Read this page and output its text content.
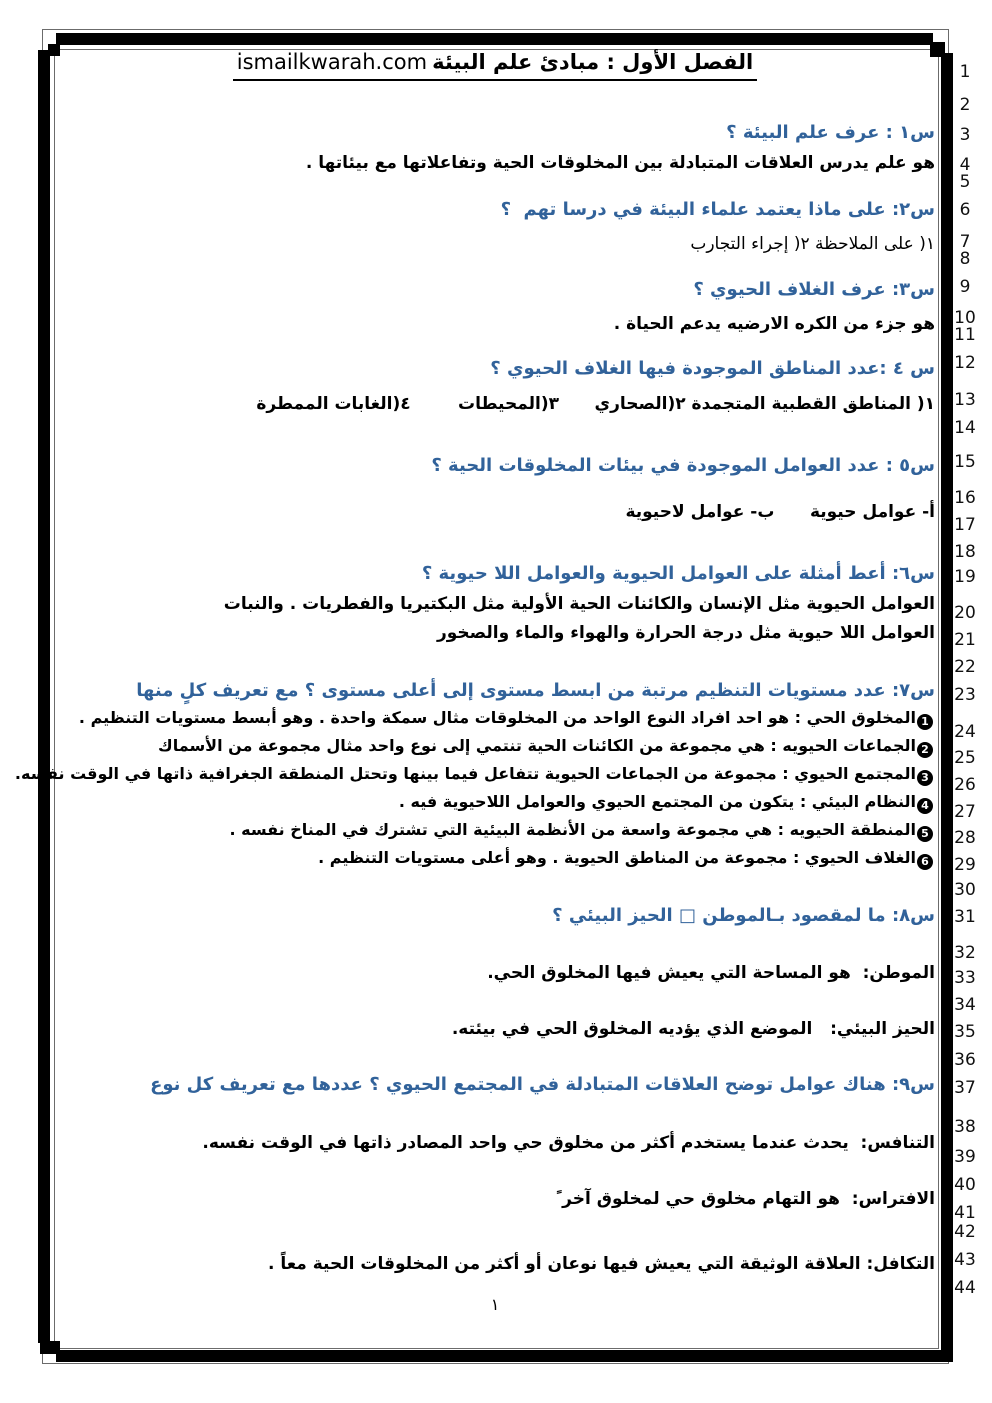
1
2
3
4
5
6
7
8
9
10
11
12
13
14
15
16
17
18
19
20
21
22
23
24
25
26
27
28
29
30
31
32
33
34
35
36
37
38
39
40
41
42
43
44
الفصل الأول : مبادئ علم البيئة ismailkwarah.com
س١ : عرف علم البيئة ؟
هو علم يدرس العلاقات المتبادلة بين المخلوقات الحية وتفاعلاتها مع بيئاتها .
س٢: على ماذا يعتمد علماء البيئة في درسا تهم  ؟
١( على الملاحظة ٢( إجراء التجارب
س٣: عرف الغلاف الحيوي ؟
هو جزء من الكره الارضيه يدعم الحياة .
س ٤ :عدد المناطق الموجودة فيها الغلاف الحيوي ؟
١( المناطق القطبية المتجمدة ٢(الصحاري      ٣(المحيطات        ٤(الغابات الممطرة
س٥ : عدد العوامل الموجودة في بيئات المخلوقات الحية ؟
أ- عوامل حيوية      ب- عوامل لاحيوية
س٦: أعط أمثلة على العوامل الحيوية والعوامل اللا حيوية ؟
العوامل الحيوية مثل الإنسان والكائنات الحية الأولية مثل البكتيريا والفطريات . والنبات
العوامل اللا حيوية مثل درجة الحرارة والهواء والماء والصخور
س٧: عدد مستويات التنظيم مرتبة من ابسط مستوى إلى أعلى مستوى ؟ مع تعريف كلٍ منها
1المخلوق الحي : هو احد افراد النوع الواحد من المخلوقات مثال سمكة واحدة . وهو أبسط مستويات التنظيم .
2الجماعات الحيويه : هي مجموعة من الكائنات الحية تنتمي إلى نوع واحد مثال مجموعة من الأسماك
3المجتمع الحيوي : مجموعة من الجماعات الحيوية تتفاعل فيما بينها وتحتل المنطقة الجغرافية ذاتها في الوقت نفسه.
4النظام البيئي : يتكون من المجتمع الحيوي والعوامل اللاحيوية فيه .
5المنطقة الحيويه : هي مجموعة واسعة من الأنظمة البيئية التي تشترك في المناخ نفسه .
6الغلاف الحيوي : مجموعة من المناطق الحيوية . وهو أعلى مستويات التنظيم .
س٨: ما لمقصود بـالموطن □ الحيز البيئي ؟
الموطن:  هو المساحة التي يعيش فيها المخلوق الحي.
الحيز البيئي:   الموضع الذي يؤديه المخلوق الحي في بيئته.
س٩: هناك عوامل توضح العلاقات المتبادلة في المجتمع الحيوي ؟ عددها مع تعريف كل نوع
التنافس:  يحدث عندما يستخدم أكثر من مخلوق حي واحد المصادر ذاتها في الوقت نفسه.
الافتراس:  هو التهام مخلوق حي لمخلوق آخر ً
التكافل: العلاقة الوثيقة التي يعيش فيها نوعان أو أكثر من المخلوقات الحية معاً .
١
